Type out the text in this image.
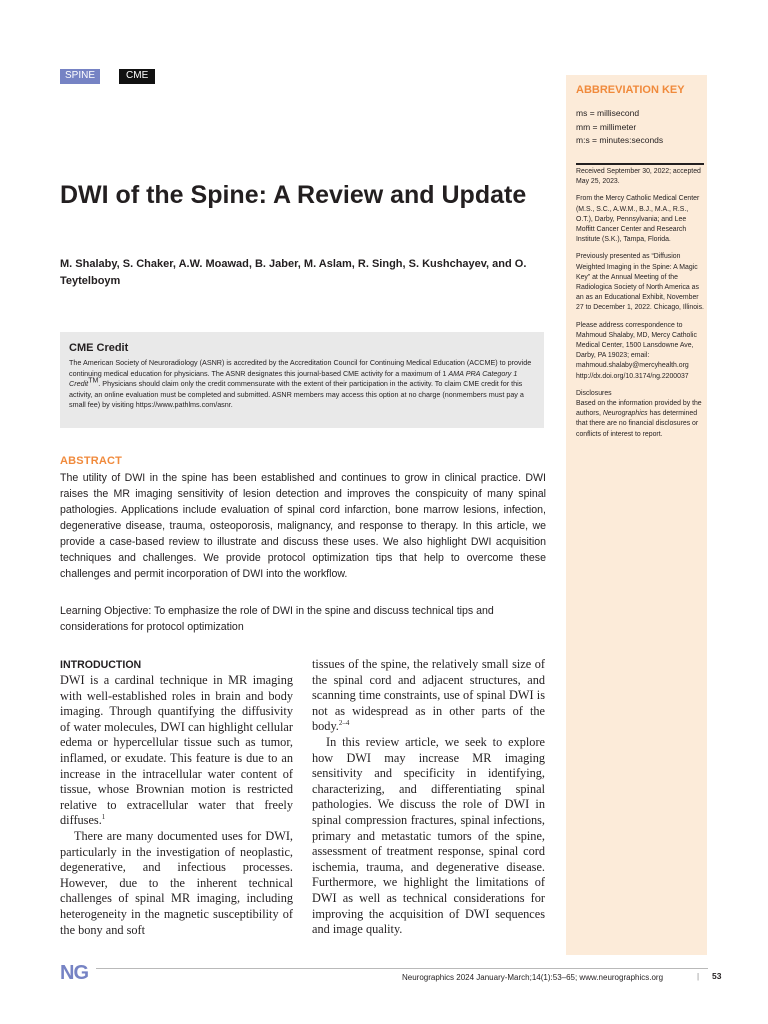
SPINE	CME
DWI of the Spine: A Review and Update
M. Shalaby, S. Chaker, A.W. Moawad, B. Jaber, M. Aslam, R. Singh, S. Kushchayev, and O. Teytelboym
CME Credit
The American Society of Neuroradiology (ASNR) is accredited by the Accreditation Council for Continuing Medical Education (ACCME) to provide continuing medical education for physicians. The ASNR designates this journal-based CME activity for a maximum of 1 AMA PRA Category 1 Credit™. Physicians should claim only the credit commensurate with the extent of their participation in the activity. To claim CME credit for this activity, an online evaluation must be completed and submitted. ASNR members may access this option at no charge (nonmembers must pay a small fee) by visiting https://www.pathlms.com/asnr.
ABSTRACT

The utility of DWI in the spine has been established and continues to grow in clinical practice. DWI raises the MR imaging sensitivity of lesion detection and improves the conspicuity of many spinal pathologies. Applications include evaluation of spinal cord infarction, bone marrow lesions, infection, degenerative disease, trauma, osteoporosis, malignancy, and response to therapy. In this article, we provide a case-based review to illustrate and discuss these uses. We also highlight DWI acquisition techniques and challenges. We provide protocol optimization tips that help to overcome these challenges and permit incorporation of DWI into the workflow.

Learning Objective: To emphasize the role of DWI in the spine and discuss technical tips and considerations for protocol optimization

INTRODUCTION

DWI is a cardinal technique in MR imaging with well-established roles in brain and body imaging. Through quantifying the diffusivity of water molecules, DWI can highlight cellular edema or hypercellular tissue such as tumor, inflamed, or exudate. This feature is due to an increase in the intracellular water content of tissue, whose Brownian motion is restricted relative to extracellular water that freely diffuses.$^1$

There are many documented uses for DWI, particularly in the investigation of neoplastic, degenerative, and infectious processes. However, due to the inherent technical challenges of spinal MR imaging, including heterogeneity in the magnetic susceptibility of the bony and soft

tissues of the spine, the relatively small size of the spinal cord and adjacent structures, and scanning time constraints, use of spinal DWI is not as widespread as in other parts of the body.$^{2-4}$

In this review article, we seek to explore how DWI may increase MR imaging sensitivity and specificity in identifying, characterizing, and differentiating spinal pathologies. We discuss the role of DWI in spinal compression fractures, spinal infections, primary and metastatic tumors of the spine, assessment of treatment response, spinal cord ischemia, trauma, and degenerative disease. Furthermore, we highlight the limitations of DWI as well as technical considerations for improving the acquisition of DWI sequences and image quality.

ABBREVIATION KEY
ms = millisecond
mm = millimeter
m:s = minutes:seconds

Received September 30, 2022; accepted May 25, 2023.

From the Mercy Catholic Medical Center (M.S., S.C., A.W.M., B.J., M.A., R.S., O.T.), Darby, Pennsylvania; and Lee Moffitt Cancer Center and Research Institute (S.K.), Tampa, Florida.

Previously presented as “Diffusion Weighted Imaging in the Spine: A Magic Key” at the Annual Meeting of the Radiologica Society of North America as an as an Educational Exhibit, November 27 to December 1, 2022. Chicago, Illinois.

Please address correspondence to Mahmoud Shalaby, MD, Mercy Catholic Medical Center, 1500 Lansdowne Ave, Darby, PA 19023; email: mahmoud.shalaby@mercyhealth.org
http://dx.doi.org/10.3174/ng.2200037

Disclosures
Based on the information provided by the authors, Neurographics has determined that there are no financial disclosures or conflicts of interest to report.

NG	Neurographics 2024 January-March;14(1):53–65; www.neurographics.org	| 53
